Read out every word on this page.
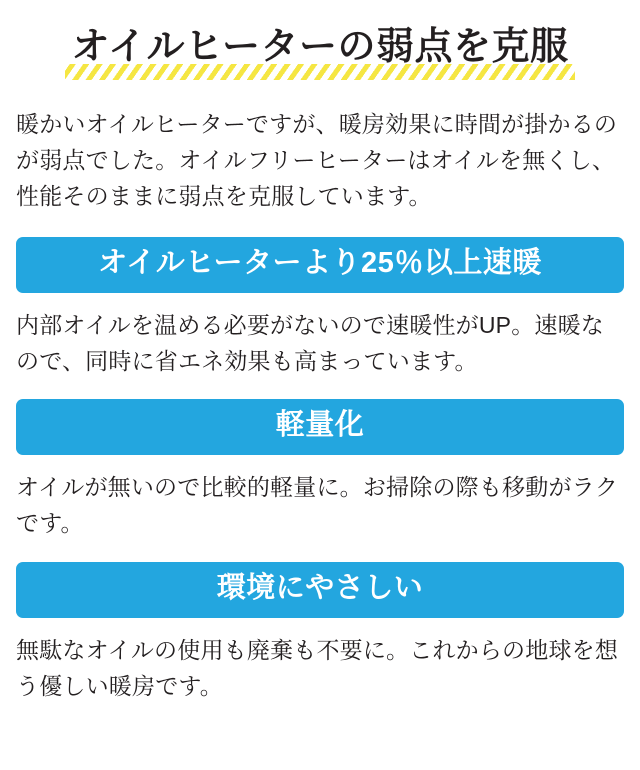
オイルヒーターの弱点を克服

暖かいオイルヒーターですが、暖房効果に時間が掛かるのが弱点でした。オイルフリーヒーターはオイルを無くし、性能そのままに弱点を克服しています。

オイルヒーターより25％以上速暖

内部オイルを温める必要がないので速暖性がUP。速暖なので、同時に省エネ効果も高まっています。

軽量化

オイルが無いので比較的軽量に。お掃除の際も移動がラクです。

環境にやさしい

無駄なオイルの使用も廃棄も不要に。これからの地球を想う優しい暖房です。
